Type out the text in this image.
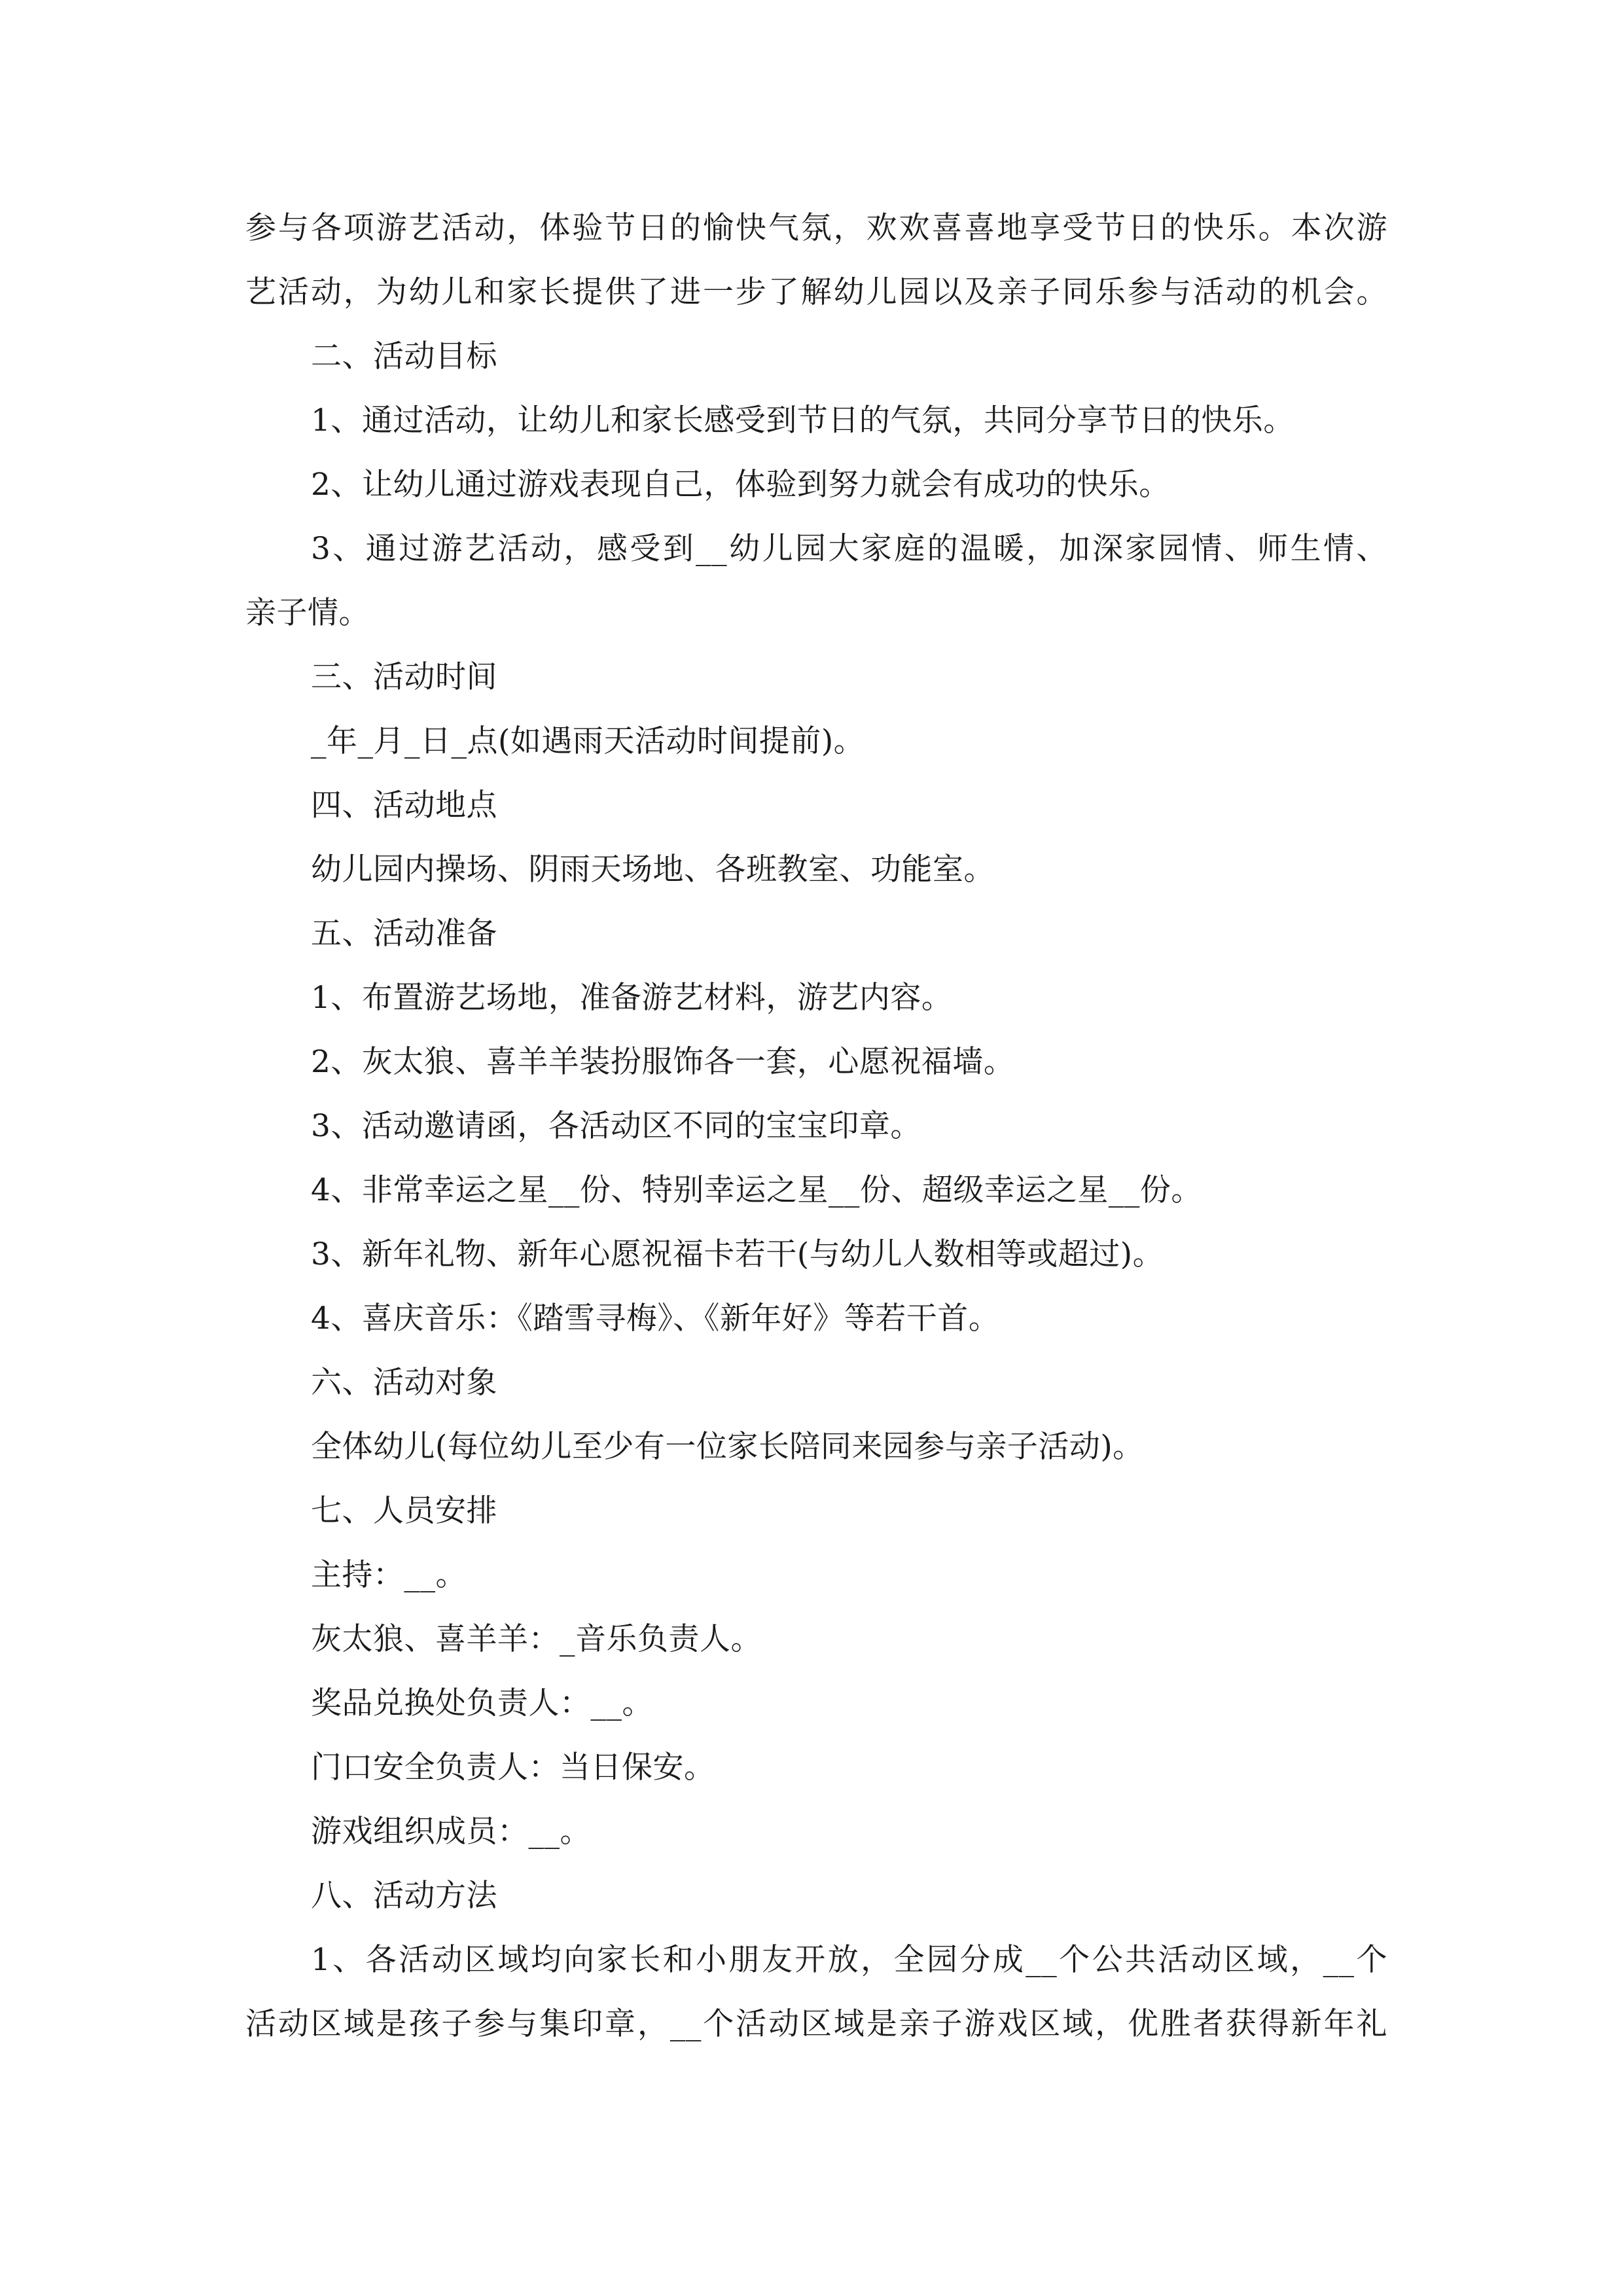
参与各项游艺活动，体验节日的愉快气氛，欢欢喜喜地享受节日的快乐。本次游
艺活动，为幼儿和家长提供了进一步了解幼儿园以及亲子同乐参与活动的机会。
二、活动目标
1、通过活动，让幼儿和家长感受到节日的气氛，共同分享节日的快乐。
2、让幼儿通过游戏表现自己，体验到努力就会有成功的快乐。
3、通过游艺活动，感受到__幼儿园大家庭的温暖，加深家园情、师生情、
亲子情。
三、活动时间
_年_月_日_点(如遇雨天活动时间提前)。
四、活动地点
幼儿园内操场、阴雨天场地、各班教室、功能室。
五、活动准备
1、布置游艺场地，准备游艺材料，游艺内容。
2、灰太狼、喜羊羊装扮服饰各一套，心愿祝福墙。
3、活动邀请函，各活动区不同的宝宝印章。
4、非常幸运之星__份、特别幸运之星__份、超级幸运之星__份。
3、新年礼物、新年心愿祝福卡若干(与幼儿人数相等或超过)。
4、喜庆音乐：《踏雪寻梅》、《新年好》等若干首。
六、活动对象
全体幼儿(每位幼儿至少有一位家长陪同来园参与亲子活动)。
七、人员安排
主持：__。
灰太狼、喜羊羊：_音乐负责人。
奖品兑换处负责人：__。
门口安全负责人：当日保安。
游戏组织成员：__。
八、活动方法
1、各活动区域均向家长和小朋友开放，全园分成__个公共活动区域，__个
活动区域是孩子参与集印章，__个活动区域是亲子游戏区域，优胜者获得新年礼
